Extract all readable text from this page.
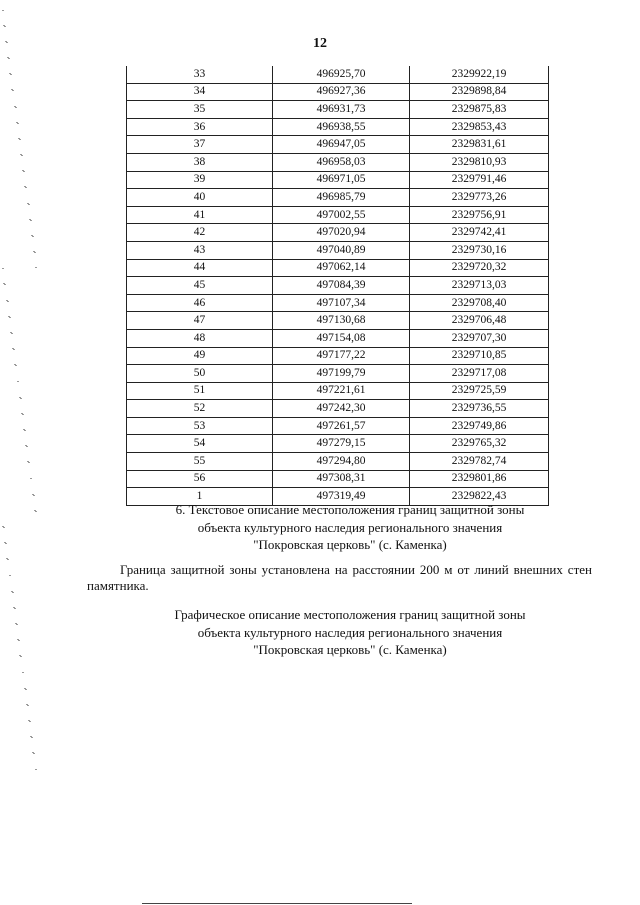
12
33	496925,70	2329922,19
34	496927,36	2329898,84
35	496931,73	2329875,83
36	496938,55	2329853,43
37	496947,05	2329831,61
38	496958,03	2329810,93
39	496971,05	2329791,46
40	496985,79	2329773,26
41	497002,55	2329756,91
42	497020,94	2329742,41
43	497040,89	2329730,16
44	497062,14	2329720,32
45	497084,39	2329713,03
46	497107,34	2329708,40
47	497130,68	2329706,48
48	497154,08	2329707,30
49	497177,22	2329710,85
50	497199,79	2329717,08
51	497221,61	2329725,59
52	497242,30	2329736,55
53	497261,57	2329749,86
54	497279,15	2329765,32
55	497294,80	2329782,74
56	497308,31	2329801,86
1	497319,49	2329822,43
6. Текстовое описание местоположения границ защитной зоны
объекта культурного наследия регионального значения
"Покровская церковь" (с. Каменка)
Граница защитной зоны установлена на расстоянии 200 м от линий внешних стен памятника.
Графическое описание местоположения границ защитной зоны
объекта культурного наследия регионального значения
"Покровская церковь" (с. Каменка)
